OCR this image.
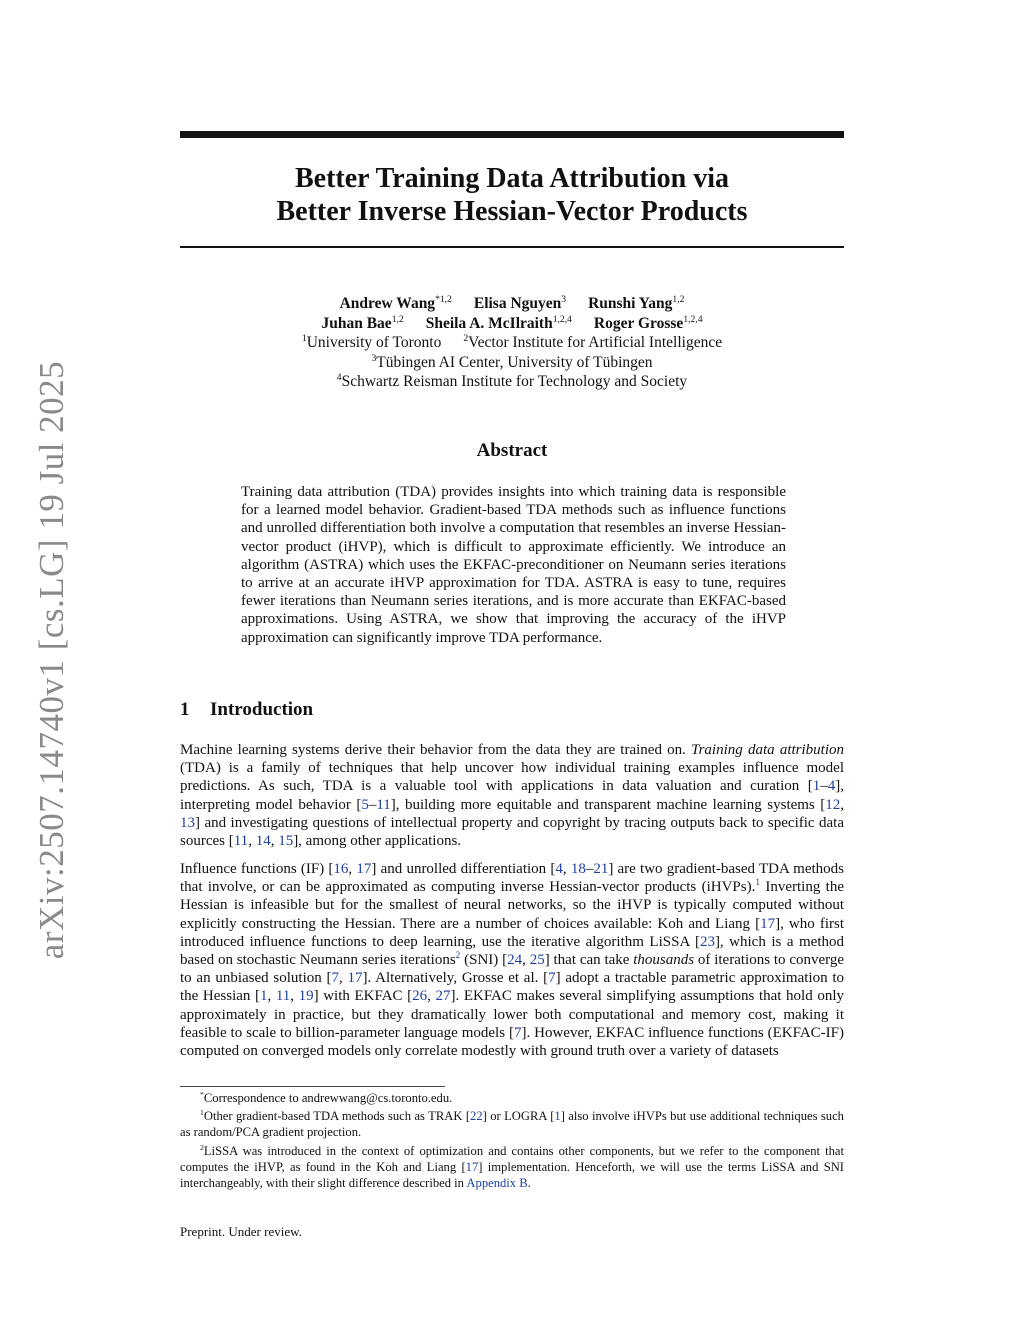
arXiv:2507.14740v1 [cs.LG] 19 Jul 2025
Better Training Data Attribution via
Better Inverse Hessian-Vector Products
Andrew Wang$^{*1,2}$ Elisa Nguyen$^3$ Runshi Yang$^{1,2}$
Juhan Bae$^{1,2}$ Sheila A. McIlraith$^{1,2,4}$ Roger Grosse$^{1,2,4}$
$^1$University of Toronto $^2$Vector Institute for Artificial Intelligence
$^3$Tübingen AI Center, University of Tübingen
$^4$Schwartz Reisman Institute for Technology and Society
Abstract
Training data attribution (TDA) provides insights into which training data is responsible for a learned model behavior. Gradient-based TDA methods such as influence functions and unrolled differentiation both involve a computation that resembles an inverse Hessian-vector product (iHVP), which is difficult to approximate efficiently. We introduce an algorithm (ASTRA) which uses the EKFAC-preconditioner on Neumann series iterations to arrive at an accurate iHVP approximation for TDA. ASTRA is easy to tune, requires fewer iterations than Neumann series iterations, and is more accurate than EKFAC-based approximations. Using ASTRA, we show that improving the accuracy of the iHVP approximation can significantly improve TDA performance.
1 Introduction
Machine learning systems derive their behavior from the data they are trained on. Training data attribution (TDA) is a family of techniques that help uncover how individual training examples influence model predictions. As such, TDA is a valuable tool with applications in data valuation and curation [1–4], interpreting model behavior [5–11], building more equitable and transparent machine learning systems [12, 13] and investigating questions of intellectual property and copyright by tracing outputs back to specific data sources [11, 14, 15], among other applications.
Influence functions (IF) [16, 17] and unrolled differentiation [4, 18–21] are two gradient-based TDA methods that involve, or can be approximated as computing inverse Hessian-vector products (iHVPs).$^1$ Inverting the Hessian is infeasible but for the smallest of neural networks, so the iHVP is typically computed without explicitly constructing the Hessian. There are a number of choices available: Koh and Liang [17], who first introduced influence functions to deep learning, use the iterative algorithm LiSSA [23], which is a method based on stochastic Neumann series iterations$^2$ (SNI) [24, 25] that can take thousands of iterations to converge to an unbiased solution [7, 17]. Alternatively, Grosse et al. [7] adopt a tractable parametric approximation to the Hessian [1, 11, 19] with EKFAC [26, 27]. EKFAC makes several simplifying assumptions that hold only approximately in practice, but they dramatically lower both computational and memory cost, making it feasible to scale to billion-parameter language models [7]. However, EKFAC influence functions (EKFAC-IF) computed on converged models only correlate modestly with ground truth over a variety of datasets
*Correspondence to andrewwang@cs.toronto.edu.
$^1$Other gradient-based TDA methods such as TRAK [22] or LOGRA [1] also involve iHVPs but use additional techniques such as random/PCA gradient projection.
$^2$LiSSA was introduced in the context of optimization and contains other components, but we refer to the component that computes the iHVP, as found in the Koh and Liang [17] implementation. Henceforth, we will use the terms LiSSA and SNI interchangeably, with their slight difference described in Appendix B.
Preprint. Under review.
